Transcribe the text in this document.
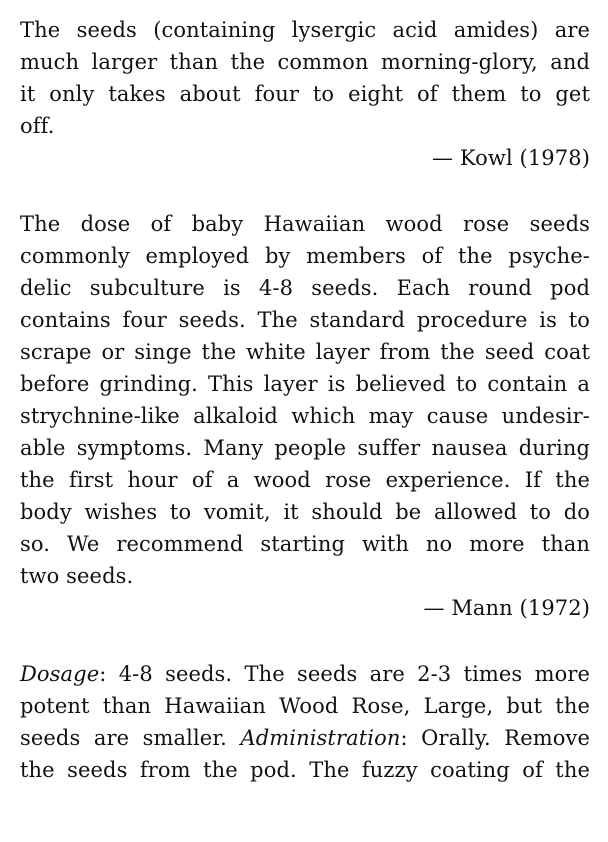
The seeds (containing lysergic acid amides) are
much larger than the common morning-glory, and
it only takes about four to eight of them to get
off.
— Kowl (1978)
The dose of baby Hawaiian wood rose seeds
commonly employed by members of the psyche-
delic subculture is 4-8 seeds. Each round pod
contains four seeds. The standard procedure is to
scrape or singe the white layer from the seed coat
before grinding. This layer is believed to contain a
strychnine-like alkaloid which may cause undesir-
able symptoms. Many people suffer nausea during
the first hour of a wood rose experience. If the
body wishes to vomit, it should be allowed to do
so. We recommend starting with no more than
two seeds.
— Mann (1972)
Dosage: 4-8 seeds. The seeds are 2-3 times more
potent than Hawaiian Wood Rose, Large, but the
seeds are smaller. Administration: Orally. Remove
the seeds from the pod. The fuzzy coating of the
